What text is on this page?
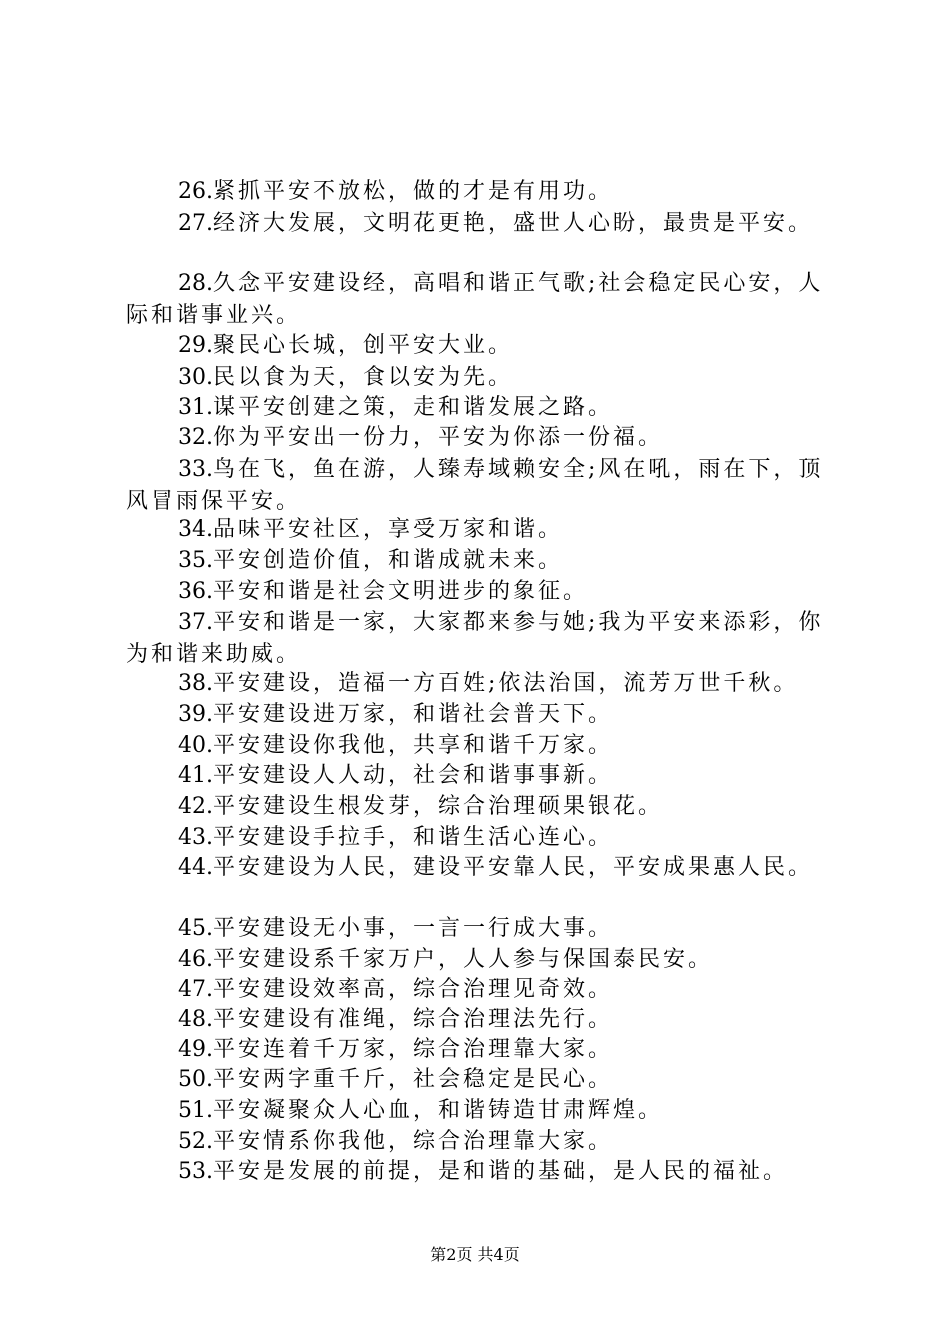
26.紧抓平安不放松，做的才是有用功。
27.经济大发展，文明花更艳，盛世人心盼，最贵是平安。
28.久念平安建设经，高唱和谐正气歌;社会稳定民心安，人际和谐事业兴。
29.聚民心长城，创平安大业。
30.民以食为天，食以安为先。
31.谋平安创建之策，走和谐发展之路。
32.你为平安出一份力，平安为你添一份福。
33.鸟在飞，鱼在游，人臻寿域赖安全;风在吼，雨在下，顶风冒雨保平安。
34.品味平安社区，享受万家和谐。
35.平安创造价值，和谐成就未来。
36.平安和谐是社会文明进步的象征。
37.平安和谐是一家，大家都来参与她;我为平安来添彩，你为和谐来助威。
38.平安建设，造福一方百姓;依法治国，流芳万世千秋。
39.平安建设进万家，和谐社会普天下。
40.平安建设你我他，共享和谐千万家。
41.平安建设人人动，社会和谐事事新。
42.平安建设生根发芽，综合治理硕果银花。
43.平安建设手拉手，和谐生活心连心。
44.平安建设为人民，建设平安靠人民，平安成果惠人民。
45.平安建设无小事，一言一行成大事。
46.平安建设系千家万户，人人参与保国泰民安。
47.平安建设效率高，综合治理见奇效。
48.平安建设有准绳，综合治理法先行。
49.平安连着千万家，综合治理靠大家。
50.平安两字重千斤，社会稳定是民心。
51.平安凝聚众人心血，和谐铸造甘肃辉煌。
52.平安情系你我他，综合治理靠大家。
53.平安是发展的前提，是和谐的基础，是人民的福祉。
第2页 共4页
